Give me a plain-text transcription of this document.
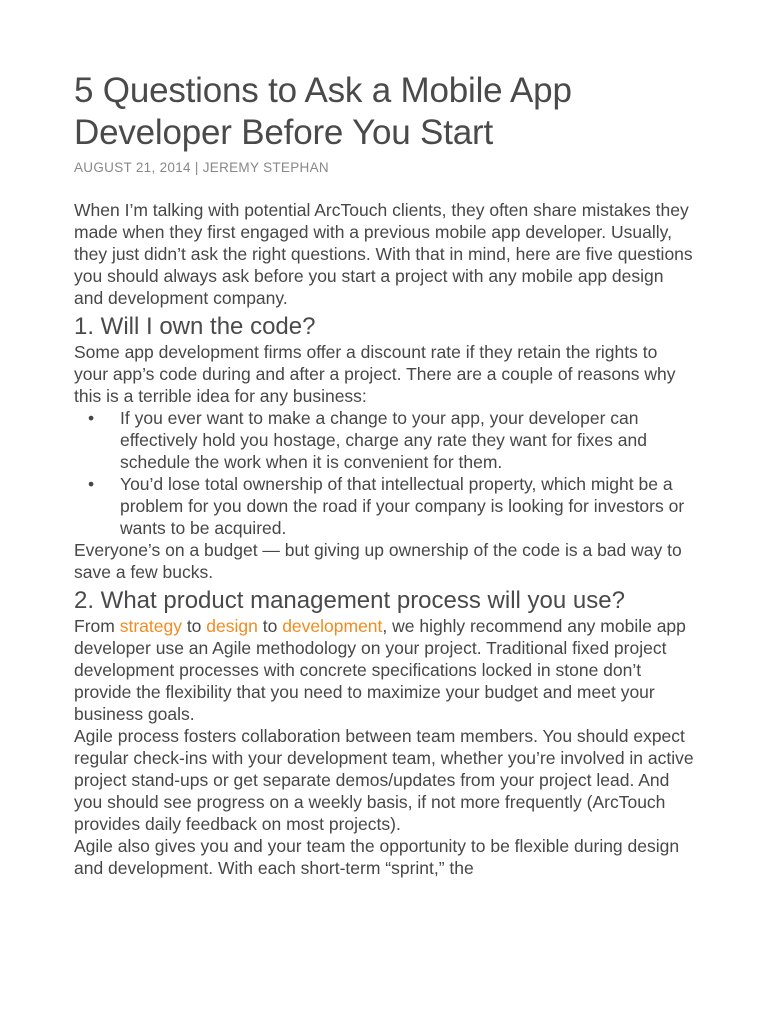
5 Questions to Ask a Mobile App Developer Before You Start
AUGUST 21, 2014 | JEREMY STEPHAN

When I’m talking with potential ArcTouch clients, they often share mistakes they made when they first engaged with a previous mobile app developer. Usually, they just didn’t ask the right questions. With that in mind, here are five questions you should always ask before you start a project with any mobile app design and development company.

1. Will I own the code?

Some app development firms offer a discount rate if they retain the rights to your app’s code during and after a project. There are a couple of reasons why this is a terrible idea for any business:

• If you ever want to make a change to your app, your developer can effectively hold you hostage, charge any rate they want for fixes and schedule the work when it is convenient for them.
• You’d lose total ownership of that intellectual property, which might be a problem for you down the road if your company is looking for investors or wants to be acquired.

Everyone’s on a budget — but giving up ownership of the code is a bad way to save a few bucks.

2. What product management process will you use?

From strategy to design to development, we highly recommend any mobile app developer use an Agile methodology on your project. Traditional fixed project development processes with concrete specifications locked in stone don’t provide the flexibility that you need to maximize your budget and meet your business goals.

Agile process fosters collaboration between team members. You should expect regular check-ins with your development team, whether you’re involved in active project stand-ups or get separate demos/updates from your project lead. And you should see progress on a weekly basis, if not more frequently (ArcTouch provides daily feedback on most projects).

Agile also gives you and your team the opportunity to be flexible during design and development. With each short-term “sprint,” the
